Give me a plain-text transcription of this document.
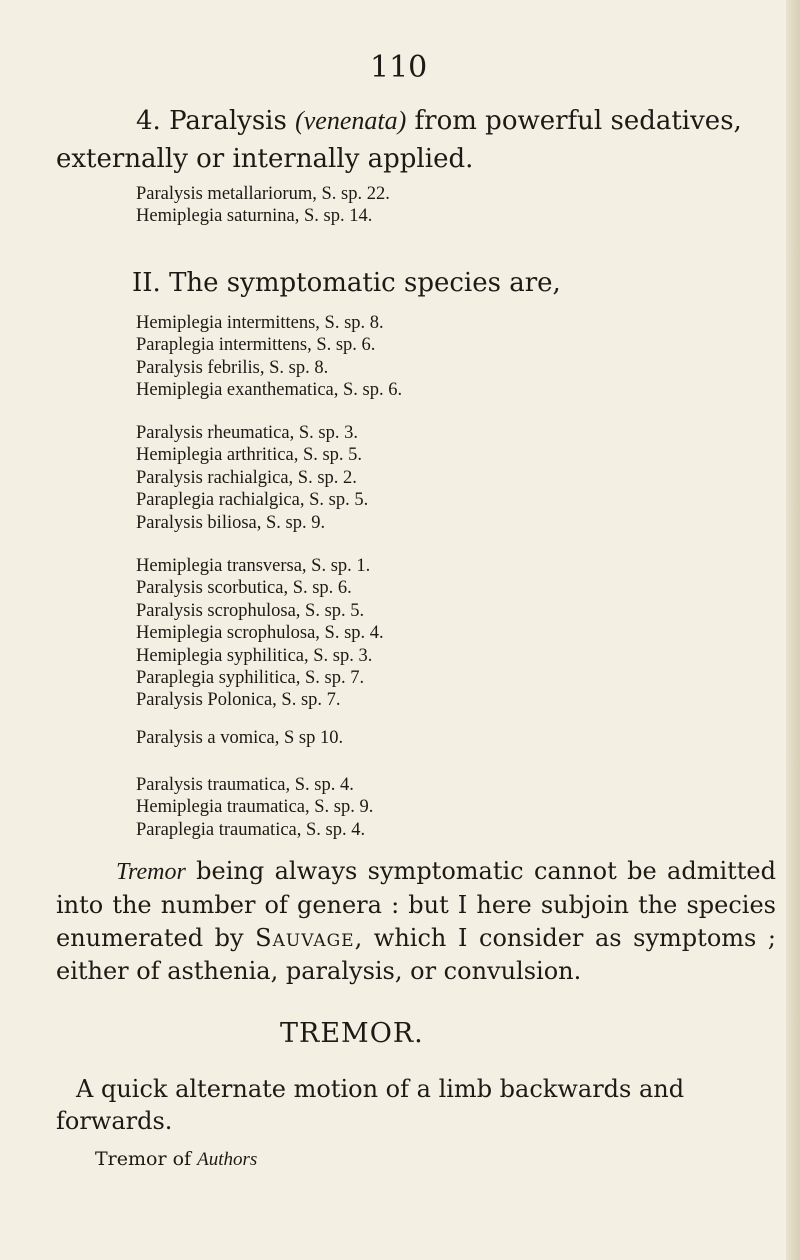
110
4. Paralysis (venenata) from powerful sedatives,
externally or internally applied.
Paralysis metallariorum, S. sp. 22.
Hemiplegia saturnina, S. sp. 14.
II. The symptomatic species are,
Hemiplegia intermittens, S. sp. 8.
Paraplegia intermittens, S. sp. 6.
Paralysis febrilis, S. sp. 8.
Hemiplegia exanthematica, S. sp. 6.
Paralysis rheumatica, S. sp. 3.
Hemiplegia arthritica, S. sp. 5.
Paralysis rachialgica, S. sp. 2.
Paraplegia rachialgica, S. sp. 5.
Paralysis biliosa, S. sp. 9.
Hemiplegia transversa, S. sp. 1.
Paralysis scorbutica, S. sp. 6.
Paralysis scrophulosa, S. sp. 5.
Hemiplegia scrophulosa, S. sp. 4.
Hemiplegia syphilitica, S. sp. 3.
Paraplegia syphilitica, S. sp. 7.
Paralysis Polonica, S. sp. 7.
Paralysis a vomica, S sp 10.
Paralysis traumatica, S. sp. 4.
Hemiplegia traumatica, S. sp. 9.
Paraplegia traumatica, S. sp. 4.
Tremor being always symptomatic cannot be admitted into the number of genera : but I here subjoin the species enumerated by Sauvage, which I consider as symptoms ; either of asthenia, paralysis, or convulsion.
TREMOR.
A quick alternate motion of a limb backwards and forwards.
Tremor of Authors
